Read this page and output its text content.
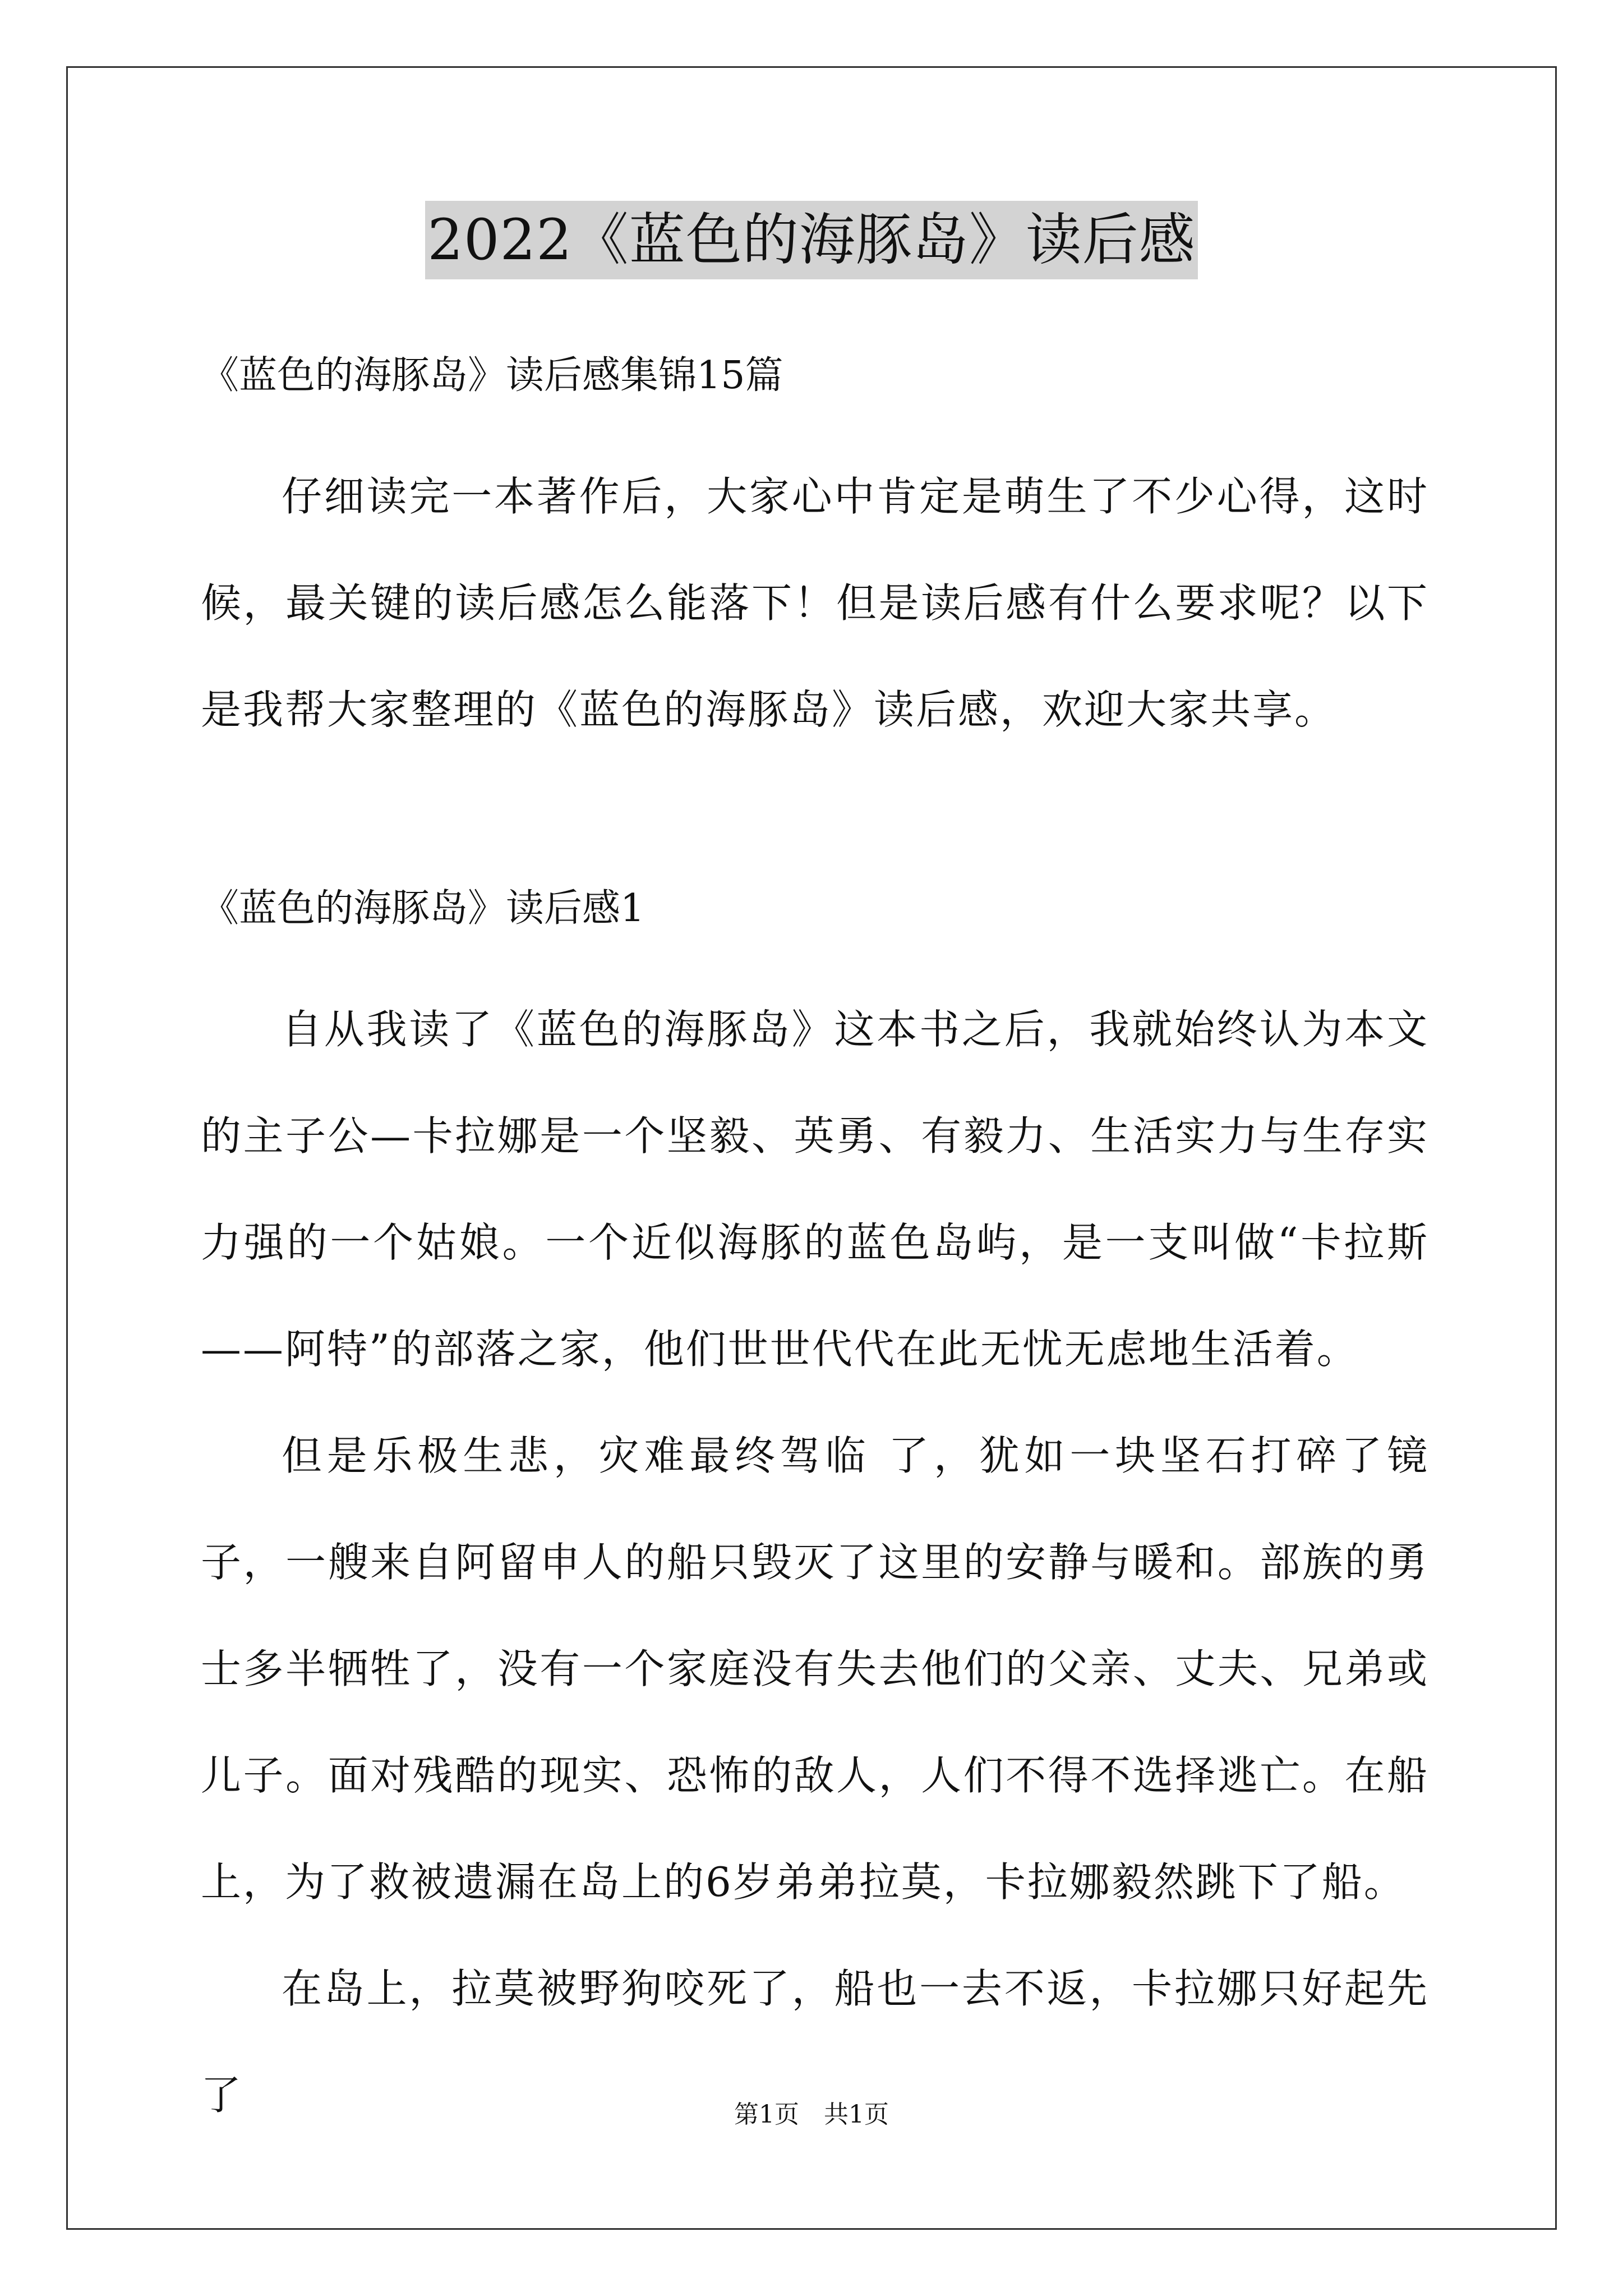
2022《蓝色的海豚岛》读后感
《蓝色的海豚岛》读后感集锦15篇

仔细读完一本著作后，大家心中肯定是萌生了不少心得，这时候，最关键的读后感怎么能落下！但是读后感有什么要求呢？以下是我帮大家整理的《蓝色的海豚岛》读后感，欢迎大家共享。

《蓝色的海豚岛》读后感1

自从我读了《蓝色的海豚岛》这本书之后，我就始终认为本文的主子公—卡拉娜是一个坚毅、英勇、有毅力、生活实力与生存实力强的一个姑娘。一个近似海豚的蓝色岛屿，是一支叫做“卡拉斯——阿特”的部落之家，他们世世代代在此无忧无虑地生活着。

但是乐极生悲，灾难最终驾临 了，犹如一块坚石打碎了镜子，一艘来自阿留申人的船只毁灭了这里的安静与暖和。部族的勇士多半牺牲了，没有一个家庭没有失去他们的父亲、丈夫、兄弟或儿子。面对残酷的现实、恐怖的敌人，人们不得不选择逃亡。在船上，为了救被遗漏在岛上的6岁弟弟拉莫，卡拉娜毅然跳下了船。

在岛上，拉莫被野狗咬死了，船也一去不返，卡拉娜只好起先了	第1页 共1页
